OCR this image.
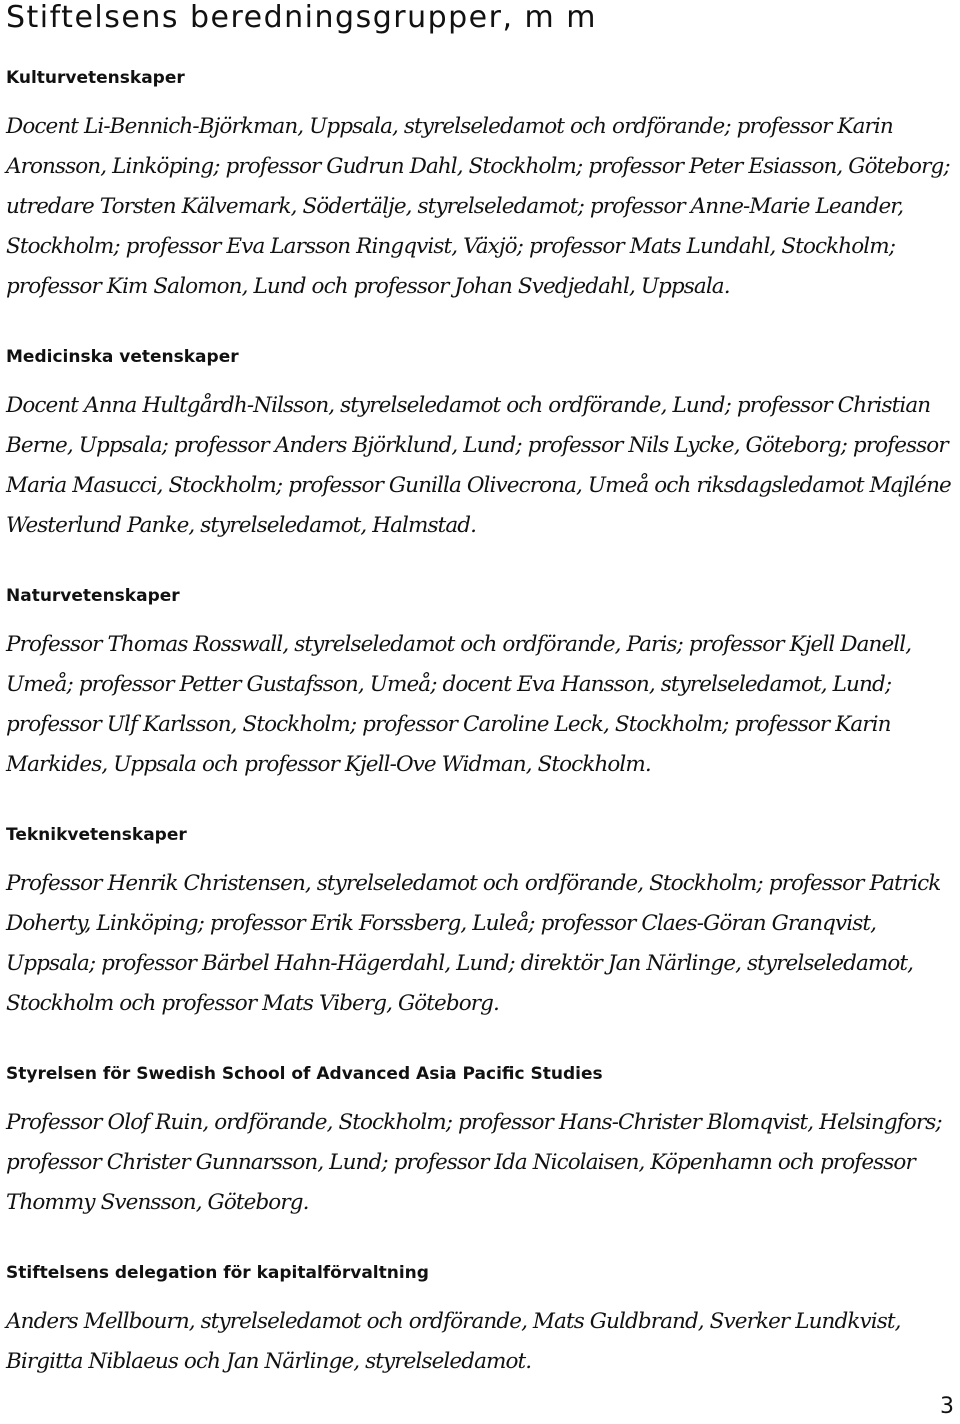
Stiftelsens beredningsgrupper, m m
Kulturvetenskaper

Docent Li-Bennich-Björkman, Uppsala, styrelseledamot och ordförande; professor Karin Aronsson, Linköping; professor Gudrun Dahl, Stockholm; professor Peter Esiasson, Göteborg; utredare Torsten Kälvemark, Södertälje, styrelseledamot; professor Anne-Marie Leander, Stockholm; professor Eva Larsson Ringqvist, Växjö; professor Mats Lundahl, Stockholm; professor Kim Salomon, Lund och professor Johan Svedjedahl, Uppsala.

Medicinska vetenskaper

Docent Anna Hultgårdh-Nilsson, styrelseledamot och ordförande, Lund; professor Christian Berne, Uppsala; professor Anders Björklund, Lund; professor Nils Lycke, Göteborg; professor Maria Masucci, Stockholm; professor Gunilla Olivecrona, Umeå och riksdagsledamot Majléne Westerlund Panke, styrelseledamot, Halmstad.

Naturvetenskaper

Professor Thomas Rosswall, styrelseledamot och ordförande, Paris; professor Kjell Danell, Umeå; professor Petter Gustafsson, Umeå; docent Eva Hansson, styrelseledamot, Lund; professor Ulf Karlsson, Stockholm; professor Caroline Leck, Stockholm; professor Karin Markides, Uppsala och professor Kjell-Ove Widman, Stockholm.

Teknikvetenskaper

Professor Henrik Christensen, styrelseledamot och ordförande, Stockholm; professor Patrick Doherty, Linköping; professor Erik Forssberg, Luleå; professor Claes-Göran Granqvist, Uppsala; professor Bärbel Hahn-Hägerdahl, Lund; direktör Jan Närlinge, styrelseledamot, Stockholm och professor Mats Viberg, Göteborg.

Styrelsen för Swedish School of Advanced Asia Pacific Studies

Professor Olof Ruin, ordförande, Stockholm; professor Hans-Christer Blomqvist, Helsingfors; professor Christer Gunnarsson, Lund; professor Ida Nicolaisen, Köpenhamn och professor Thommy Svensson, Göteborg.

Stiftelsens delegation för kapitalförvaltning

Anders Mellbourn, styrelseledamot och ordförande, Mats Guldbrand, Sverker Lundkvist, Birgitta Niblaeus och Jan Närlinge, styrelseledamot.

3
